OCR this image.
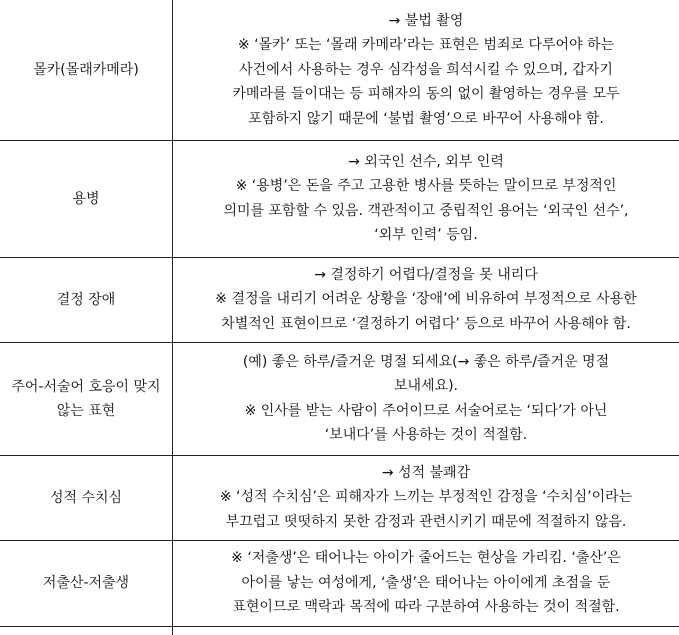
몰카(몰래카메라)	→ 불법 촬영
※ ‘몰카’ 또는 ‘몰래 카메라’라는 표현은 범죄로 다루어야 하는
사건에서 사용하는 경우 심각성을 희석시킬 수 있으며, 갑자기
카메라를 들이대는 등 피해자의 동의 없이 촬영하는 경우를 모두
포함하지 않기 때문에 ‘불법 촬영’으로 바꾸어 사용해야 함.

용병	→ 외국인 선수, 외부 인력
※ ‘용병’은 돈을 주고 고용한 병사를 뜻하는 말이므로 부정적인
의미를 포함할 수 있음. 객관적이고 중립적인 용어는 ‘외국인 선수’,
‘외부 인력’ 등임.

결정 장애	→ 결정하기 어렵다/결정을 못 내리다
※ 결정을 내리기 어려운 상황을 ‘장애’에 비유하여 부정적으로 사용한
차별적인 표현이므로 ‘결정하기 어렵다’ 등으로 바꾸어 사용해야 함.

주어-서술어 호응이 맞지
않는 표현	(예) 좋은 하루/즐거운 명절 되세요(→ 좋은 하루/즐거운 명절
보내세요).
※ 인사를 받는 사람이 주어이므로 서술어로는 ‘되다’가 아닌
‘보내다’를 사용하는 것이 적절함.

성적 수치심	→ 성적 불쾌감
※ ‘성적 수치심’은 피해자가 느끼는 부정적인 감정을 ‘수치심’이라는
부끄럽고 떳떳하지 못한 감정과 관련시키기 때문에 적절하지 않음.

저출산-저출생	※ ‘저출생’은 태어나는 아이가 줄어드는 현상을 가리킴. ‘출산’은
아이를 낳는 여성에게, ‘출생’은 태어나는 아이에게 초점을 둔
표현이므로 맥락과 목적에 따라 구분하여 사용하는 것이 적절함.
